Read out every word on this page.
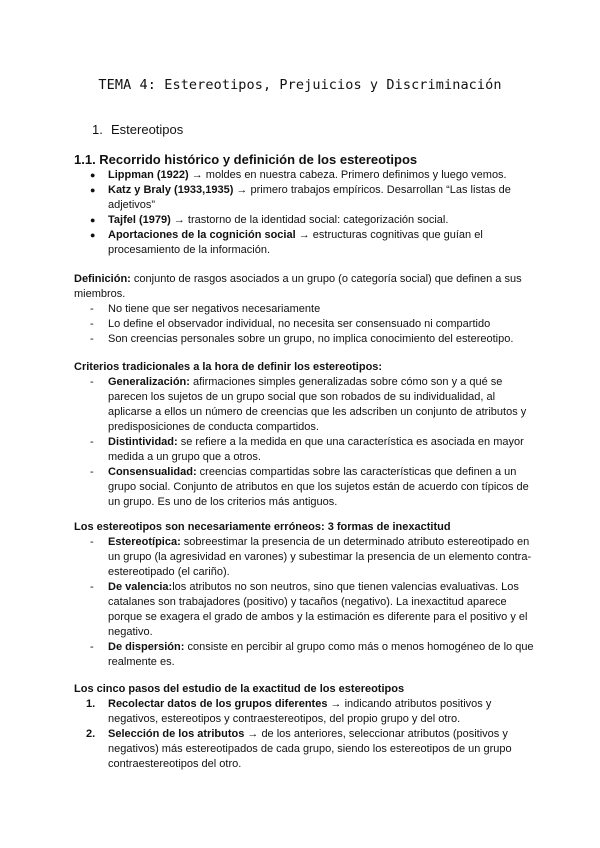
TEMA 4: Estereotipos, Prejuicios y Discriminación
1. Estereotipos
1.1. Recorrido histórico y definición de los estereotipos
● Lippman (1922) → moldes en nuestra cabeza. Primero definimos y luego vemos.
● Katz y Braly (1933,1935) → primero trabajos empíricos. Desarrollan “Las listas de adjetivos”
● Tajfel (1979) → trastorno de la identidad social: categorización social.
● Aportaciones de la cognición social → estructuras cognitivas que guían el procesamiento de la información.

Definición: conjunto de rasgos asociados a un grupo (o categoría social) que definen a sus miembros.

- No tiene que ser negativos necesariamente
- Lo define el observador individual, no necesita ser consensuado ni compartido
- Son creencias personales sobre un grupo, no implica conocimiento del estereotipo.

Criterios tradicionales a la hora de definir los estereotipos:

- Generalización: afirmaciones simples generalizadas sobre cómo son y a qué se parecen los sujetos de un grupo social que son robados de su individualidad, al aplicarse a ellos un número de creencias que les adscriben un conjunto de atributos y predisposiciones de conducta compartidos.
- Distintividad: se refiere a la medida en que una característica es asociada en mayor medida a un grupo que a otros.
- Consensualidad: creencias compartidas sobre las características que definen a un grupo social. Conjunto de atributos en que los sujetos están de acuerdo con típicos de un grupo. Es uno de los criterios más antiguos.

Los estereotipos son necesariamente erróneos: 3 formas de inexactitud

- Estereotípica: sobreestimar la presencia de un determinado atributo estereotipado en un grupo (la agresividad en varones) y subestimar la presencia de un elemento contra-estereotipado (el cariño).
- De valencia:los atributos no son neutros, sino que tienen valencias evaluativas. Los catalanes son trabajadores (positivo) y tacaños (negativo). La inexactitud aparece porque se exagera el grado de ambos y la estimación es diferente para el positivo y el negativo.
- De dispersión: consiste en percibir al grupo como más o menos homogéneo de lo que realmente es.

Los cinco pasos del estudio de la exactitud de los estereotipos

1. Recolectar datos de los grupos diferentes → indicando atributos positivos y negativos, estereotipos y contraestereotipos, del propio grupo y del otro.
2. Selección de los atributos → de los anteriores, seleccionar atributos (positivos y negativos) más estereotipados de cada grupo, siendo los estereotipos de un grupo contraestereotipos del otro.
